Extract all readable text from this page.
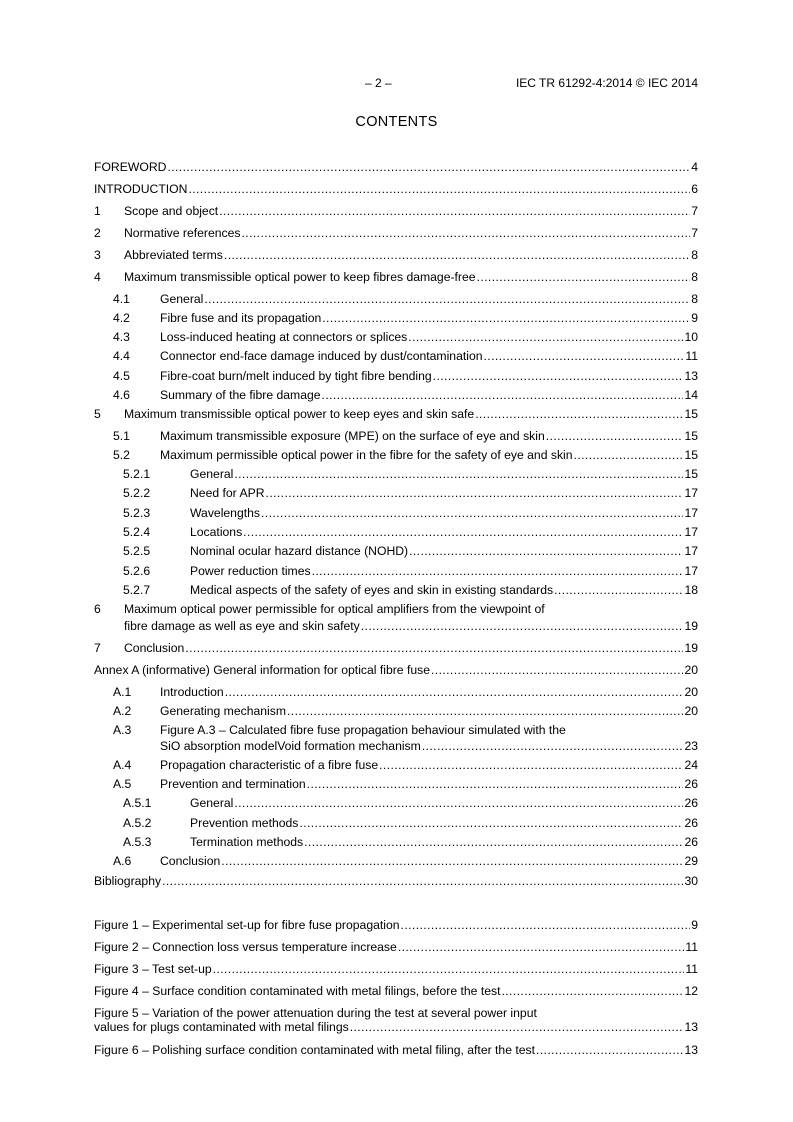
– 2 –	IEC TR 61292-4:2014 © IEC 2014
CONTENTS
FOREWORD .....	4
INTRODUCTION .....	6
1	Scope and object .....	7
2	Normative references .....	7
3	Abbreviated terms .....	8
4	Maximum transmissible optical power to keep fibres damage-free .....	8
4.1	General .....	8
4.2	Fibre fuse and its propagation .....	9
4.3	Loss-induced heating at connectors or splices .....	10
4.4	Connector end-face damage induced by dust/contamination .....	11
4.5	Fibre-coat burn/melt induced by tight fibre bending .....	13
4.6	Summary of the fibre damage .....	14
5	Maximum transmissible optical power to keep eyes and skin safe .....	15
5.1	Maximum transmissible exposure (MPE) on the surface of eye and skin .....	15
5.2	Maximum permissible optical power in the fibre for the safety of eye and skin .....	15
5.2.1	General .....	15
5.2.2	Need for APR .....	17
5.2.3	Wavelengths .....	17
5.2.4	Locations .....	17
5.2.5	Nominal ocular hazard distance (NOHD) .....	17
5.2.6	Power reduction times .....	17
5.2.7	Medical aspects of the safety of eyes and skin in existing standards .....	18
6 Maximum optical power permissible for optical amplifiers from the viewpoint of
fibre damage as well as eye and skin safety .....	19
7	Conclusion .....	19
Annex A (informative) General information for optical fibre fuse .....	20
A.1	Introduction .....	20
A.2	Generating mechanism .....	20
A.3 Figure A.3 – Calculated fibre fuse propagation behaviour simulated with the
SiO absorption modelVoid formation mechanism .....	23
A.4	Propagation characteristic of a fibre fuse .....	24
A.5	Prevention and termination .....	26
A.5.1	General .....	26
A.5.2	Prevention methods .....	26
A.5.3	Termination methods .....	26
A.6	Conclusion .....	29
Bibliography .....	30
Figure 1 – Experimental set-up for fibre fuse propagation .....	9
Figure 2 – Connection loss versus temperature increase .....	11
Figure 3 – Test set-up .....	11
Figure 4 – Surface condition contaminated with metal filings, before the test .....	12
Figure 5 – Variation of the power attenuation during the test at several power input
values for plugs contaminated with metal filings .....	13
Figure 6 – Polishing surface condition contaminated with metal filing, after the test .....	13
